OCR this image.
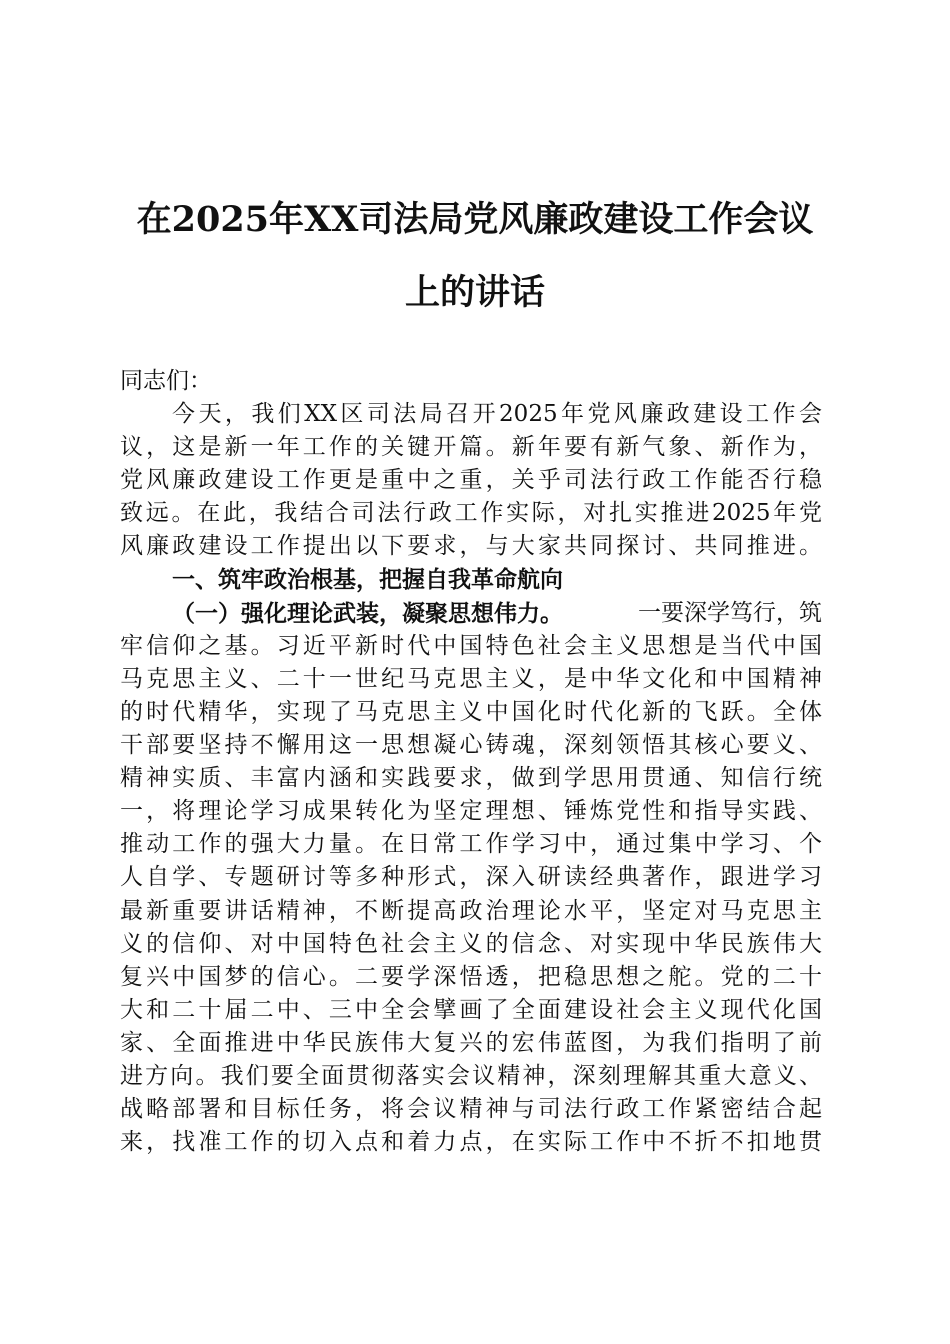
在2025年XX司法局党风廉政建设工作会议
上的讲话
同志们：
今天，我们XX区司法局召开2025年党风廉政建设工作会
议，这是新一年工作的关键开篇。新年要有新气象、新作为，
党风廉政建设工作更是重中之重，关乎司法行政工作能否行稳
致远。在此，我结合司法行政工作实际，对扎实推进2025年党
风廉政建设工作提出以下要求，与大家共同探讨、共同推进。
一、筑牢政治根基，把握自我革命航向
（一）强化理论武装，凝聚思想伟力。	一要深学笃行，筑
牢信仰之基。习近平新时代中国特色社会主义思想是当代中国
马克思主义、二十一世纪马克思主义，是中华文化和中国精神
的时代精华，实现了马克思主义中国化时代化新的飞跃。全体
干部要坚持不懈用这一思想凝心铸魂，深刻领悟其核心要义、
精神实质、丰富内涵和实践要求，做到学思用贯通、知信行统
一，将理论学习成果转化为坚定理想、锤炼党性和指导实践、
推动工作的强大力量。在日常工作学习中，通过集中学习、个
人自学、专题研讨等多种形式，深入研读经典著作，跟进学习
最新重要讲话精神，不断提高政治理论水平，坚定对马克思主
义的信仰、对中国特色社会主义的信念、对实现中华民族伟大
复兴中国梦的信心。二要学深悟透，把稳思想之舵。党的二十
大和二十届二中、三中全会擘画了全面建设社会主义现代化国
家、全面推进中华民族伟大复兴的宏伟蓝图，为我们指明了前
进方向。我们要全面贯彻落实会议精神，深刻理解其重大意义、
战略部署和目标任务，将会议精神与司法行政工作紧密结合起
来，找准工作的切入点和着力点，在实际工作中不折不扣地贯
